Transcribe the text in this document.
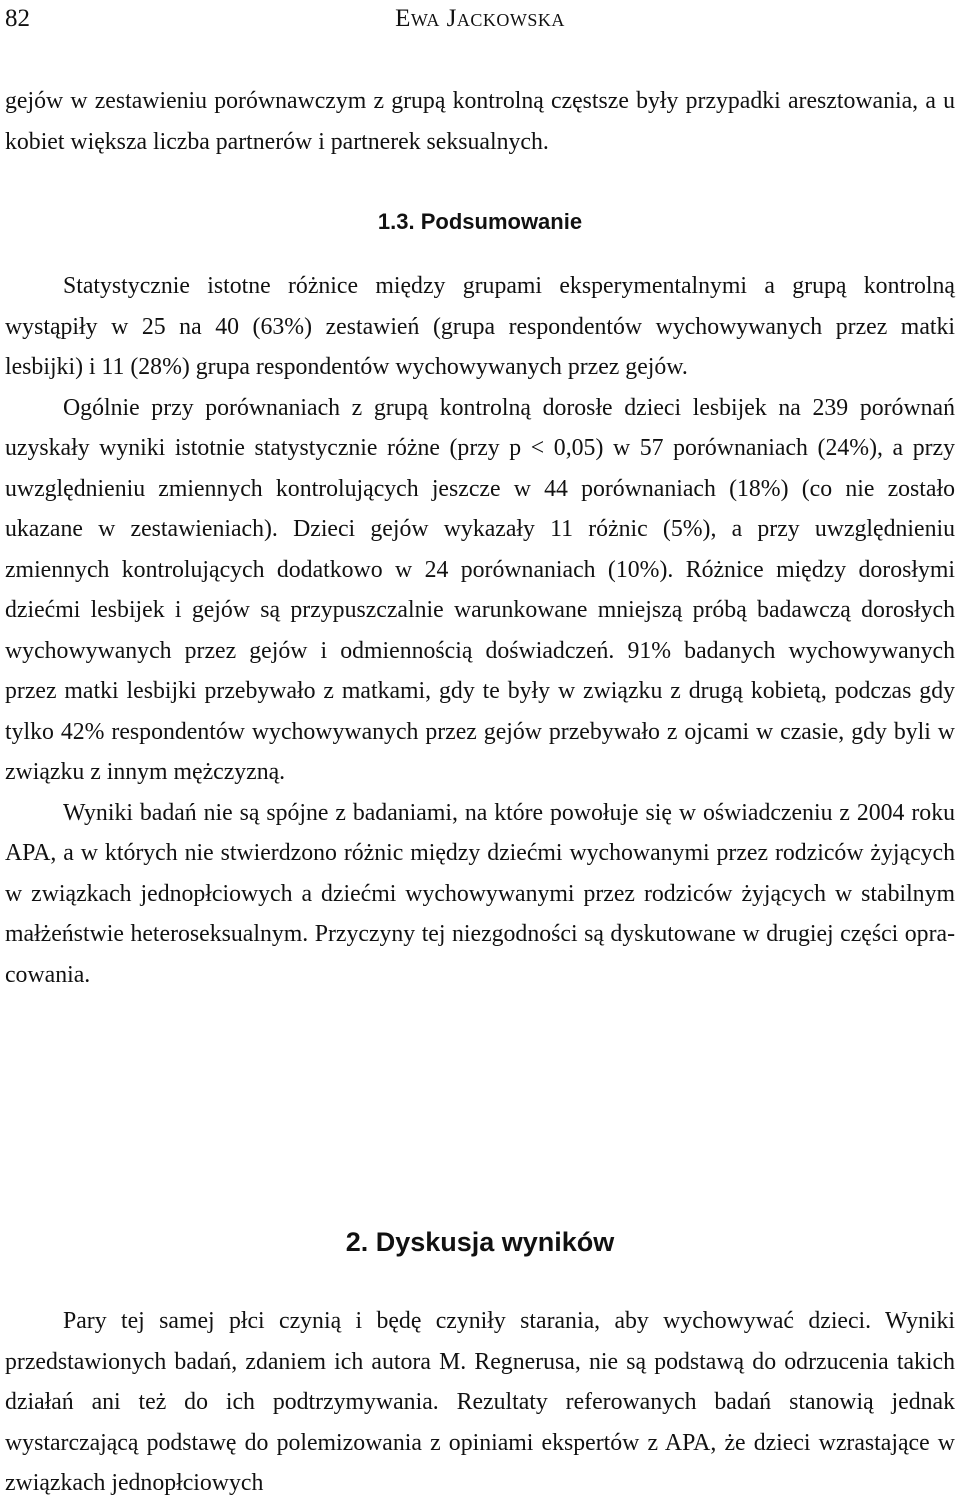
82	Ewa Jackowska

gejów w zestawieniu porównawczym z grupą kontrolną częstsze były przypadki aresztowania, a u kobiet większa liczba partnerów i partnerek seksualnych.

1.3. Podsumowanie

Statystycznie istotne różnice między grupami eksperymentalnymi a grupą kontrolną wystąpiły w 25 na 40 (63%) zestawień (grupa respondentów wychowywanych przez matki lesbijki) i 11 (28%) grupa respondentów wychowywanych przez gejów.

Ogólnie przy porównaniach z grupą kontrolną dorosłe dzieci lesbijek na 239 porównań uzyskały wyniki istotnie statystycznie różne (przy p < 0,05) w 57 porównaniach (24%), a przy uwzględnieniu zmiennych kontrolujących jeszcze w 44 porównaniach (18%) (co nie zostało ukazane w zestawieniach). Dzieci gejów wykazały 11 różnic (5%), a przy uwzględnieniu zmiennych kontrolujących dodatkowo w 24 porównaniach (10%). Różnice między dorosłymi dziećmi lesbijek i gejów są przypuszczalnie warunkowane mniejszą próbą badawczą dorosłych wychowywanych przez gejów i odmiennością doświadczeń. 91% badanych wychowywanych przez matki lesbijki przebywało z matkami, gdy te były w związku z drugą kobietą, podczas gdy tylko 42% respondentów wychowywanych przez gejów przebywało z ojcami w czasie, gdy byli w związku z innym mężczyzną.

Wyniki badań nie są spójne z badaniami, na które powołuje się w oświadczeniu z 2004 roku APA, a w których nie stwierdzono różnic między dziećmi wychowanymi przez rodziców żyjących w związkach jednopłciowych a dziećmi wychowywanymi przez rodziców żyjących w stabilnym małżeństwie heteroseksualnym. Przyczyny tej niezgodności są dyskutowane w drugiej części opracowania.

2. Dyskusja wyników

Pary tej samej płci czynią i będę czyniły starania, aby wychowywać dzieci. Wyniki przedstawionych badań, zdaniem ich autora M. Regnerusa, nie są podstawą do odrzucenia takich działań ani też do ich podtrzymywania. Rezultaty referowanych badań stanowią jednak wystarczającą podstawę do polemizowania z opiniami ekspertów z APA, że dzieci wzrastające w związkach jednopłciowych
